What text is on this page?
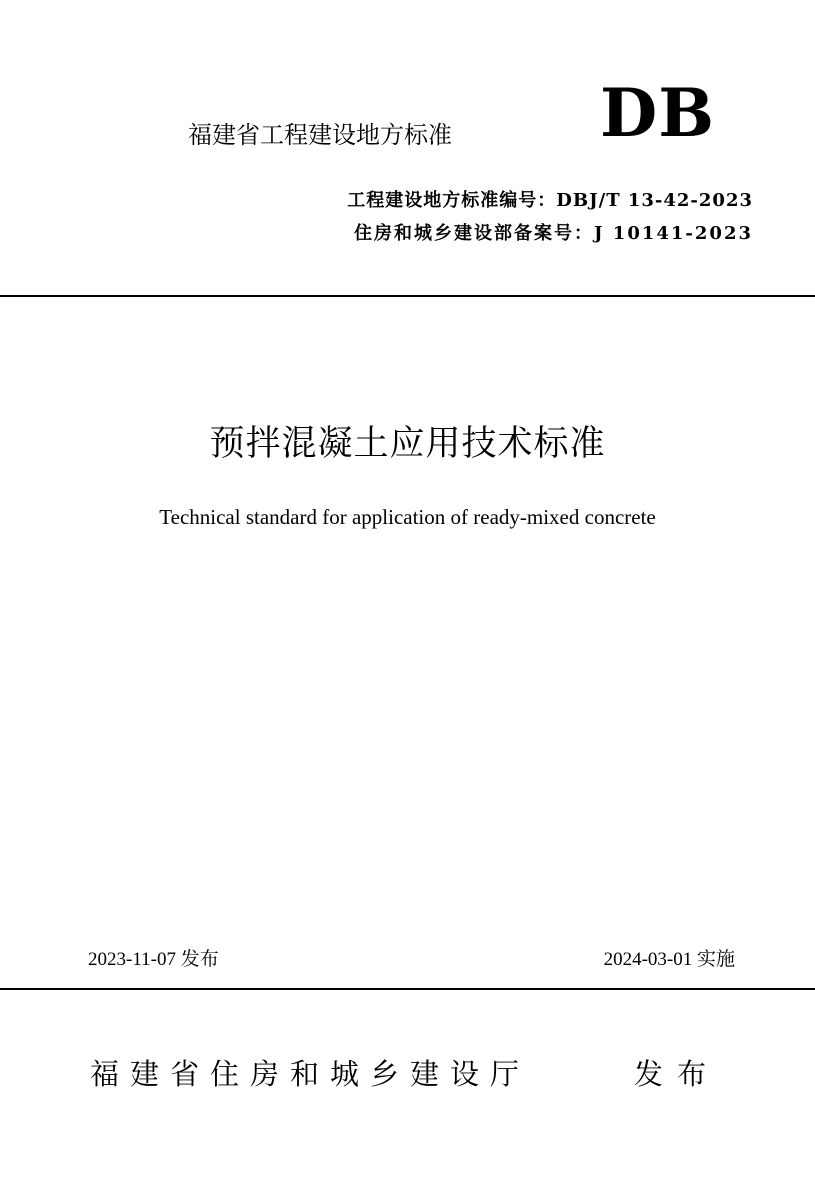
福建省工程建设地方标准 DB
工程建设地方标准编号：DBJ/T 13-42-2023
住房和城乡建设部备案号：J 10141-2023
预拌混凝土应用技术标准
Technical standard for application of ready-mixed concrete
2023-11-07 发布	2024-03-01 实施
福建省住房和城乡建设厅	发布
